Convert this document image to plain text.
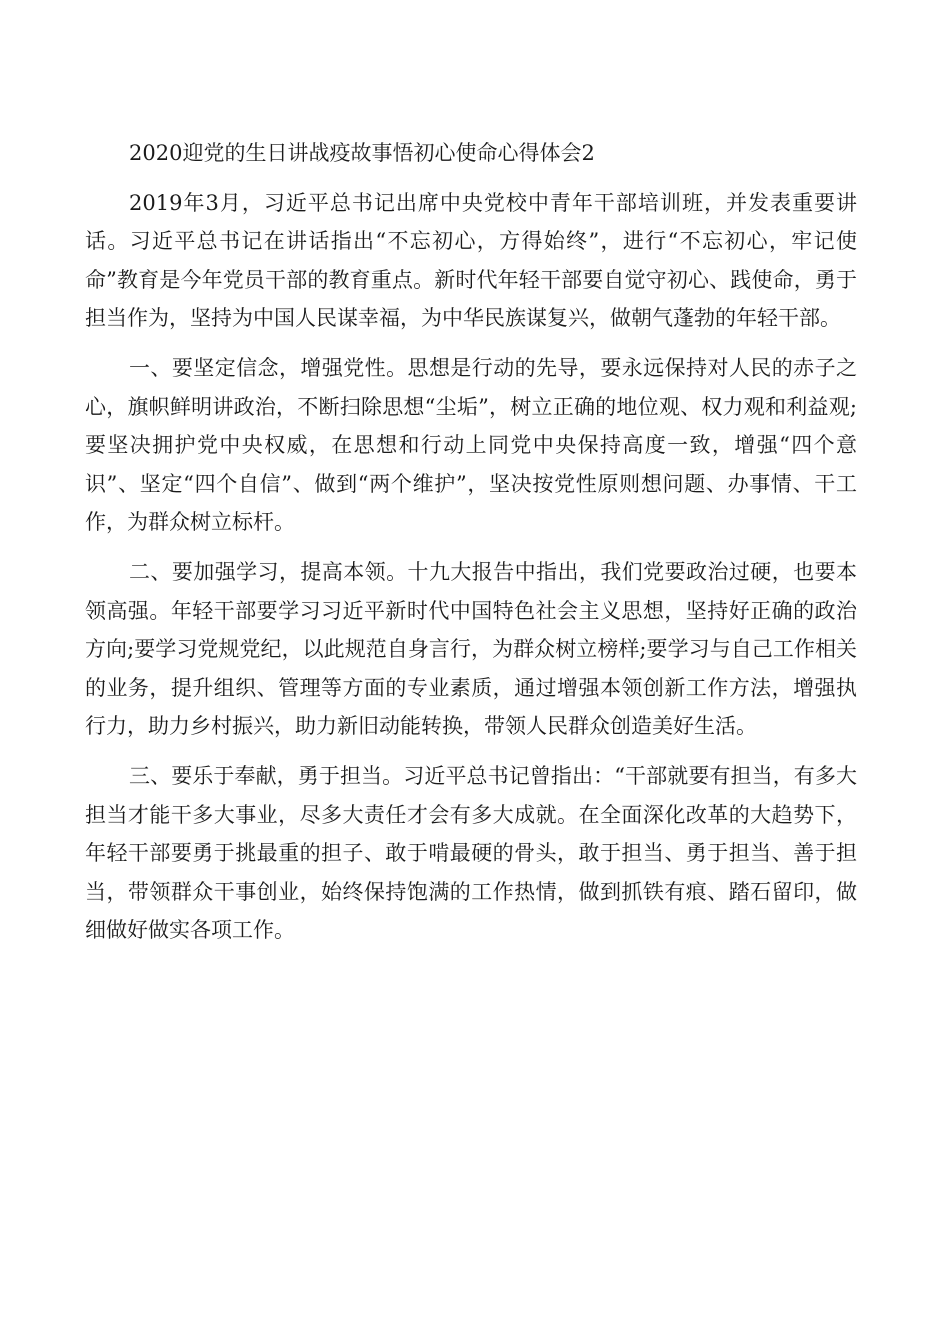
2020迎党的生日讲战疫故事悟初心使命心得体会2

2019年3月，习近平总书记出席中央党校中青年干部培训班，并发表重要讲话。习近平总书记在讲话指出“不忘初心，方得始终”，进行“不忘初心，牢记使命”教育是今年党员干部的教育重点。新时代年轻干部要自觉守初心、践使命，勇于担当作为，坚持为中国人民谋幸福，为中华民族谋复兴，做朝气蓬勃的年轻干部。

一、要坚定信念，增强党性。思想是行动的先导，要永远保持对人民的赤子之心，旗帜鲜明讲政治，不断扫除思想“尘垢”，树立正确的地位观、权力观和利益观;要坚决拥护党中央权威，在思想和行动上同党中央保持高度一致，增强“四个意识”、坚定“四个自信”、做到“两个维护”，坚决按党性原则想问题、办事情、干工作，为群众树立标杆。

二、要加强学习，提高本领。十九大报告中指出，我们党要政治过硬，也要本领高强。年轻干部要学习习近平新时代中国特色社会主义思想，坚持好正确的政治方向;要学习党规党纪，以此规范自身言行，为群众树立榜样;要学习与自己工作相关的业务，提升组织、管理等方面的专业素质，通过增强本领创新工作方法，增强执行力，助力乡村振兴，助力新旧动能转换，带领人民群众创造美好生活。

三、要乐于奉献，勇于担当。习近平总书记曾指出：“干部就要有担当，有多大担当才能干多大事业，尽多大责任才会有多大成就。在全面深化改革的大趋势下，年轻干部要勇于挑最重的担子、敢于啃最硬的骨头，敢于担当、勇于担当、善于担当，带领群众干事创业，始终保持饱满的工作热情，做到抓铁有痕、踏石留印，做细做好做实各项工作。
